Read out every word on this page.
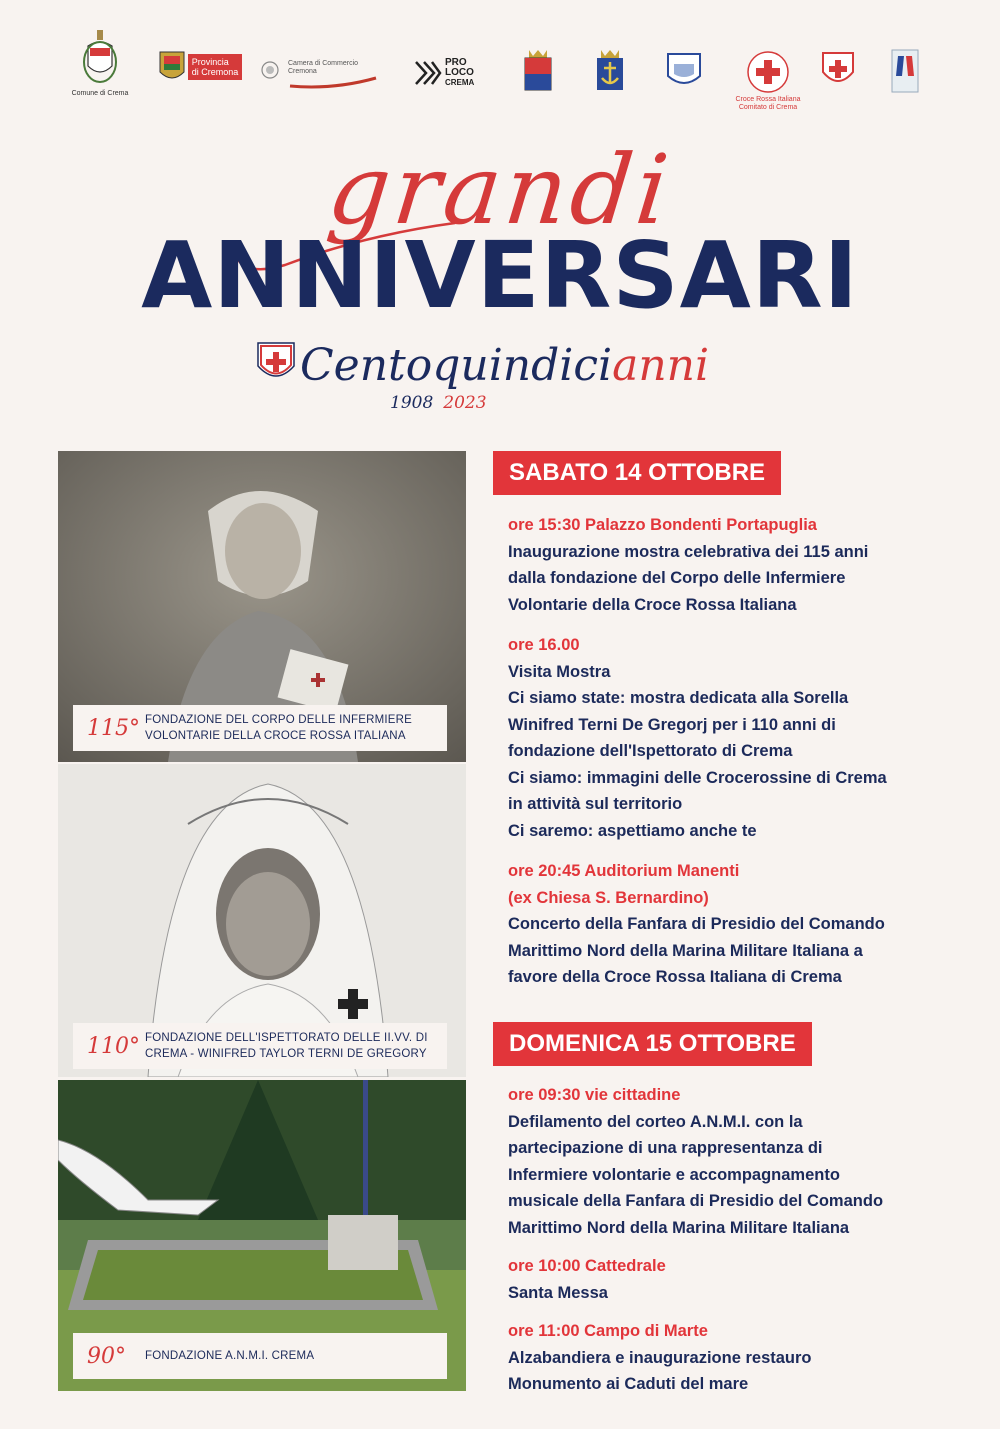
Comune di Crema
Provincia
di Cremona
Camera di Commercio
Cremona
PRO
LOCO
CREMA
Croce Rossa Italiana
Comitato di Crema
grandi
ANNIVERSARI
Centoquindicianni
1908 2023
115° FONDAZIONE DEL CORPO DELLE INFERMIERE
VOLONTARIE DELLA CROCE ROSSA ITALIANA
110° FONDAZIONE DELL'ISPETTORATO DELLE II.VV. DI
CREMA - WINIFRED TAYLOR TERNI DE GREGORY
90°	FONDAZIONE A.N.M.I. CREMA
SABATO 14 OTTOBRE
ore 15:30 Palazzo Bondenti Portapuglia
Inaugurazione mostra celebrativa dei 115 anni
dalla fondazione del Corpo delle Infermiere
Volontarie della Croce Rossa Italiana
ore 16.00
Visita Mostra
Ci siamo state: mostra dedicata alla Sorella
Winifred Terni De Gregorj per i 110 anni di
fondazione dell'Ispettorato di Crema
Ci siamo: immagini delle Crocerossine di Crema
in attività sul territorio
Ci saremo: aspettiamo anche te
ore 20:45 Auditorium Manenti
(ex Chiesa S. Bernardino)
Concerto della Fanfara di Presidio del Comando
Marittimo Nord della Marina Militare Italiana a
favore della Croce Rossa Italiana di Crema
DOMENICA 15 OTTOBRE
ore 09:30 vie cittadine
Defilamento del corteo A.N.M.I. con la
partecipazione di una rappresentanza di
Infermiere volontarie e accompagnamento
musicale della Fanfara di Presidio del Comando
Marittimo Nord della Marina Militare Italiana
ore 10:00 Cattedrale
Santa Messa
ore 11:00 Campo di Marte
Alzabandiera e inaugurazione restauro
Monumento ai Caduti del mare
